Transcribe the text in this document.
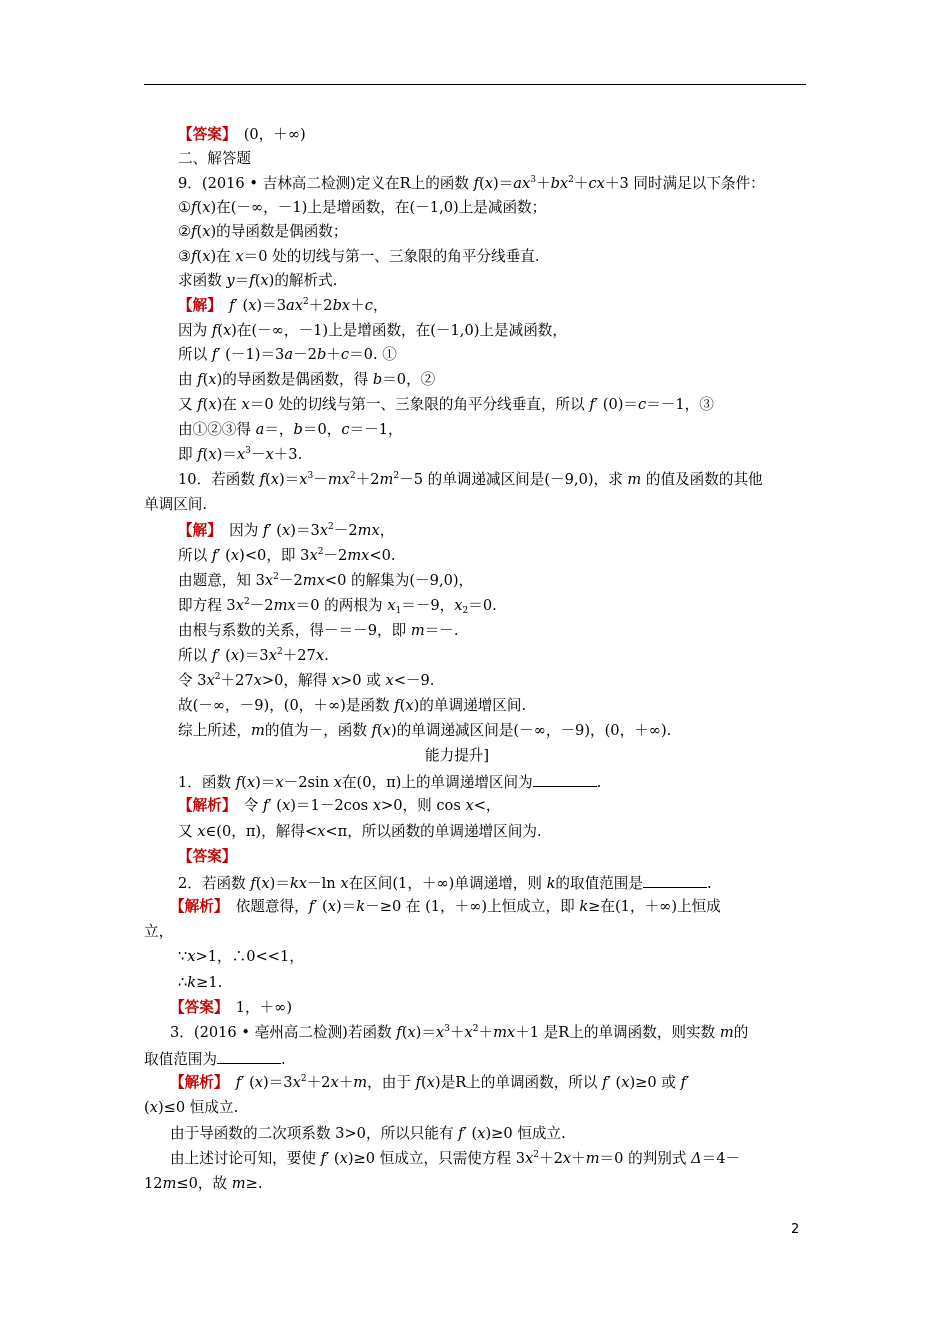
【 答案 】　(0，＋∞)
二、解答题
9．(2016 • 吉林高二检测)定义在R上的函数 $f(x)=ax^3+bx^2+cx+3$ 同时满足以下条件：
①f(x)在(－∞，－1)上是增函数，在(－1,0)上是减函数；
②f(x)的导函数是偶函数；
③f(x)在 x＝0 处的切线与第一、三象限的角平分线垂直.
求函数 y＝f(x)的解析式.
【 解 】　 f′ $(x)=3ax^2+2bx+c$，
因为 f(x)在(－∞，－1)上是增函数，在(－1,0)上是减函数，
所以 f′ (－1)＝3a－2b＋c＝0. ①
由 f(x)的导函数是偶函数，得 b＝0，②
又 f(x)在 x＝0 处的切线与第一、三象限的角平分线垂直，所以 f′ (0)＝c＝－1，③
由①②③得 a＝，b＝0，c＝－1，
即 $f(x)=x^3-x+3$.
10．若函数 $f(x)=x^3-mx^2+2m^2-5$ 的单调递减区间是(－9,0)，求 m 的值及函数的其他
单调区间.
【 解 】　因为 f′ $(x)=3x^2-2mx$，
所以 f′ (x)<0，即 $3x^2-2mx<0$.
由题意，知 $3x^2-2mx<0$ 的解集为(－9,0)，
即方程 $3x^2-2mx=0$ 的两根为 $x_1=-9$，$x_2=0$.
由根与系数的关系，得－＝－9，即 m＝－.
所以 f′ $(x)=3x^2+27x$.
令 $3x^2+27x>0$，解得 x>0 或 x<－9.
故(－∞，－9)，(0，＋∞)是函数 f(x)的单调递增区间.
综上所述，m的值为－，函数 f(x)的单调递减区间是(－∞，－9)，(0，＋∞).
能力提升]
1．函数 f(x)＝x－2sin x在(0，π)上的单调递增区间为	.
【 解析 】　令 f′ (x)＝1－2cos x>0，则 cos x<，
又 x∈(0，π)，解得<x<π，所以函数的单调递增区间为.
【 答案 】
2．若函数 f(x)＝kx－ln x在区间(1，＋∞)单调递增，则 k的取值范围是	.
【 解析 】　依题意得，f′ (x)＝k－≥0 在 (1，＋∞)上恒成立，即 k≥在(1，＋∞)上恒成
立，
∵x>1，∴0<<1，
∴k≥1.
【 答案 】　1，＋∞)
3．(2016 • 亳州高二检测)若函数 $f(x)=x^3+x^2+mx+1$ 是R上的单调函数，则实数 m的
取值范围为	.
【 解析 】　 f′ $(x)=3x^2+2x+m$，由于 f(x)是R上的单调函数，所以 f′ (x)≥0 或 f′
(x)≤0 恒成立.
由于导函数的二次项系数 3>0，所以只能有 f′ (x)≥0 恒成立.
由上述讨论可知，要使 f′ (x)≥0 恒成立，只需使方程 $3x^2+2x+m=0$ 的判别式 Δ＝4－
12m≤0，故 m≥.
2
